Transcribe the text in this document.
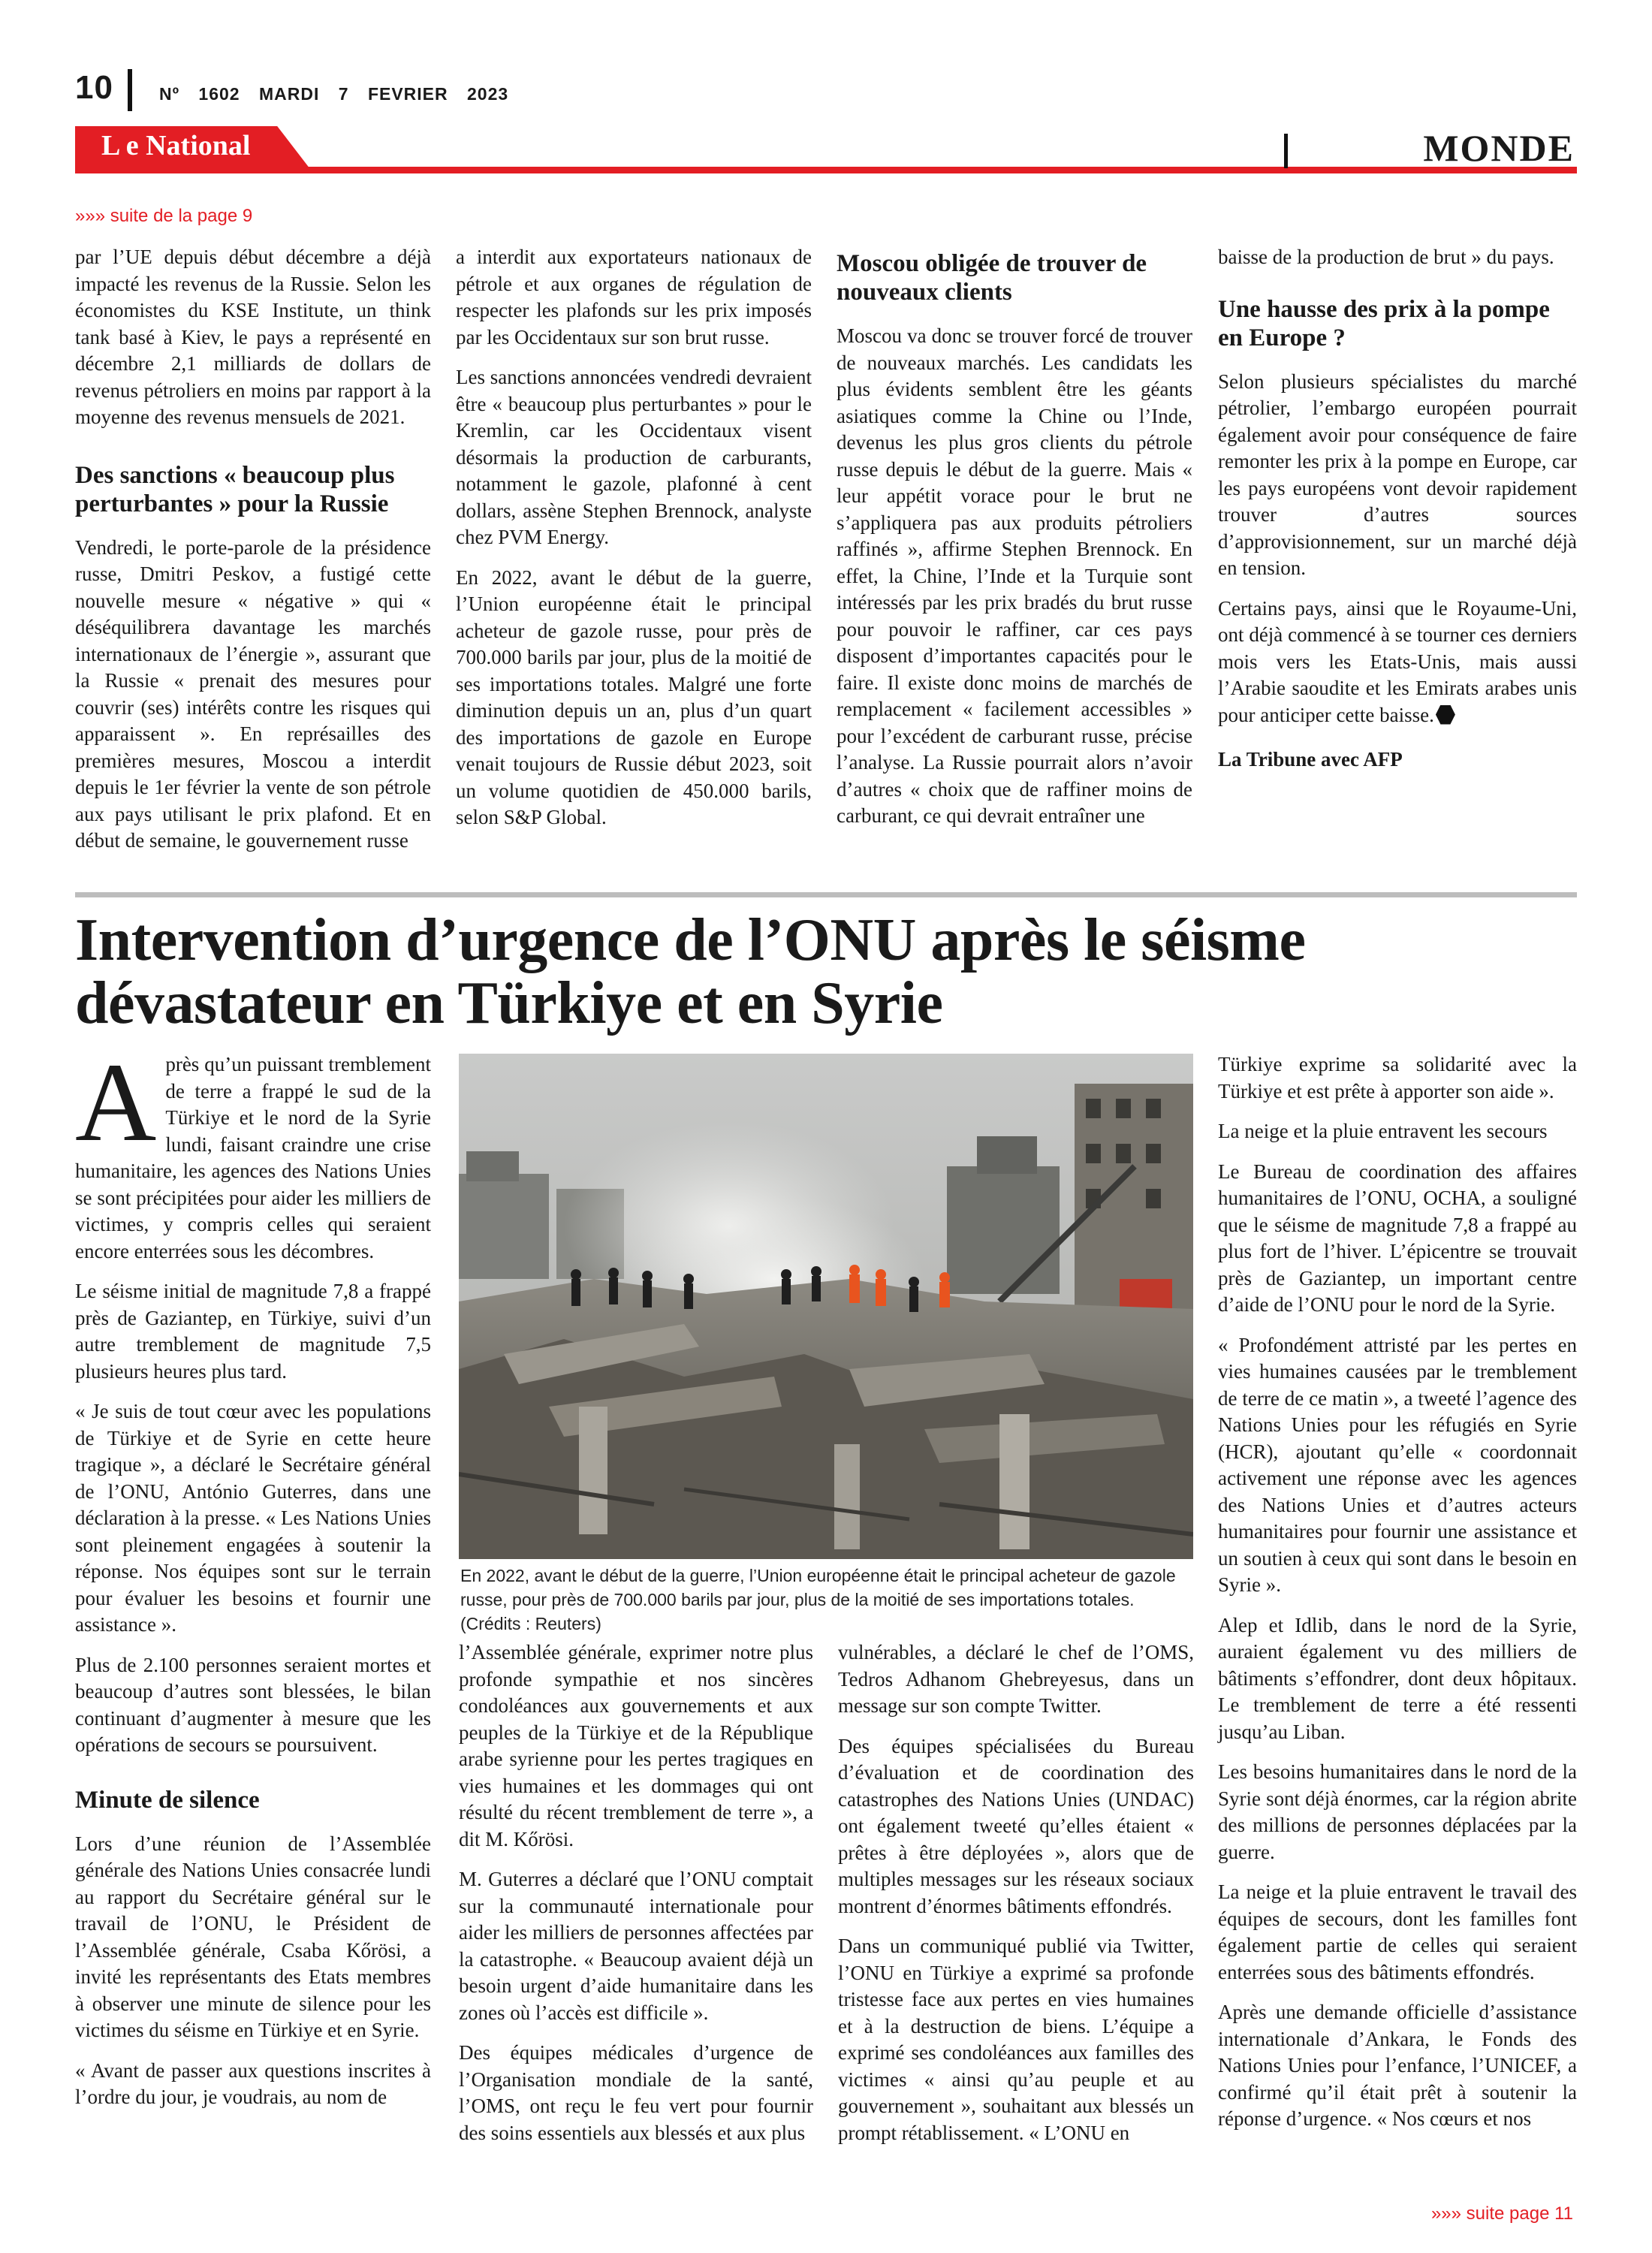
10	Nº 1602 MARDI 7 FEVRIER 2023
L e National	MONDE
»»» suite de la page 9

par l’UE depuis début décembre a déjà impacté les revenus de la Russie. Selon les économistes du KSE Institute, un think tank basé à Kiev, le pays a représenté en décembre 2,1 milliards de dollars de revenus pétroliers en moins par rapport à la moyenne des revenus mensuels de 2021.

Des sanctions « beaucoup plus perturbantes » pour la Russie

Vendredi, le porte-parole de la présidence russe, Dmitri Peskov, a fustigé cette nouvelle mesure « négative » qui « déséquilibrera davantage les marchés internationaux de l’énergie », assurant que la Russie « prenait des mesures pour couvrir (ses) intérêts contre les risques qui apparaissent ». En représailles des premières mesures, Moscou a interdit depuis le 1er février la vente de son pétrole aux pays utilisant le prix plafond. Et en début de semaine, le gouvernement russe

a interdit aux exportateurs nationaux de pétrole et aux organes de régulation de respecter les plafonds sur les prix imposés par les Occidentaux sur son brut russe.

Les sanctions annoncées vendredi devraient être « beaucoup plus perturbantes » pour le Kremlin, car les Occidentaux visent désormais la production de carburants, notamment le gazole, plafonné à cent dollars, assène Stephen Brennock, analyste chez PVM Energy.

En 2022, avant le début de la guerre, l’Union européenne était le principal acheteur de gazole russe, pour près de 700.000 barils par jour, plus de la moitié de ses importations totales. Malgré une forte diminution depuis un an, plus d’un quart des importations de gazole en Europe venait toujours de Russie début 2023, soit un volume quotidien de 450.000 barils, selon S&P Global.

Moscou obligée de trouver de nouveaux clients

Moscou va donc se trouver forcé de trouver de nouveaux marchés. Les candidats les plus évidents semblent être les géants asiatiques comme la Chine ou l’Inde, devenus les plus gros clients du pétrole russe depuis le début de la guerre. Mais « leur appétit vorace pour le brut ne s’appliquera pas aux produits pétroliers raffinés », affirme Stephen Brennock. En effet, la Chine, l’Inde et la Turquie sont intéressés par les prix bradés du brut russe pour pouvoir le raffiner, car ces pays disposent d’importantes capacités pour le faire. Il existe donc moins de marchés de remplacement « facilement accessibles » pour l’excédent de carburant russe, précise l’analyse. La Russie pourrait alors n’avoir d’autres « choix que de raffiner moins de carburant, ce qui devrait entraîner une

baisse de la production de brut » du pays.

Une hausse des prix à la pompe en Europe ?

Selon plusieurs spécialistes du marché pétrolier, l’embargo européen pourrait également avoir pour conséquence de faire remonter les prix à la pompe en Europe, car les pays européens vont devoir rapidement trouver d’autres sources d’approvisionnement, sur un marché déjà en tension.

Certains pays, ainsi que le Royaume-Uni, ont déjà commencé à se tourner ces derniers mois vers les Etats-Unis, mais aussi l’Arabie saoudite et les Emirats arabes unis pour anticiper cette baisse.

La Tribune avec AFP

Intervention d’urgence de l’ONU après le séisme
dévastateur en Türkiye et en Syrie

Après qu’un puissant tremblement de terre a frappé le sud de la Türkiye et le nord de la Syrie lundi, faisant craindre une crise humanitaire, les agences des Nations Unies se sont précipitées pour aider les milliers de victimes, y compris celles qui seraient encore enterrées sous les décombres.

Le séisme initial de magnitude 7,8 a frappé près de Gaziantep, en Türkiye, suivi d’un autre tremblement de magnitude 7,5 plusieurs heures plus tard.

« Je suis de tout cœur avec les populations de Türkiye et de Syrie en cette heure tragique », a déclaré le Secrétaire général de l’ONU, António Guterres, dans une déclaration à la presse. « Les Nations Unies sont pleinement engagées à soutenir la réponse. Nos équipes sont sur le terrain pour évaluer les besoins et fournir une assistance ».

Plus de 2.100 personnes seraient mortes et beaucoup d’autres sont blessées, le bilan continuant d’augmenter à mesure que les opérations de secours se poursuivent.

Minute de silence

Lors d’une réunion de l’Assemblée générale des Nations Unies consacrée lundi au rapport du Secrétaire général sur le travail de l’ONU, le Président de l’Assemblée générale, Csaba Kőrösi, a invité les représentants des Etats membres à observer une minute de silence pour les victimes du séisme en Türkiye et en Syrie.

« Avant de passer aux questions inscrites à l’ordre du jour, je voudrais, au nom de

En 2022, avant le début de la guerre, l’Union européenne était le principal acheteur de gazole russe, pour près de 700.000 barils par jour, plus de la moitié de ses importations totales. (Crédits : Reuters)

l’Assemblée générale, exprimer notre plus profonde sympathie et nos sincères condoléances aux gouvernements et aux peuples de la Türkiye et de la République arabe syrienne pour les pertes tragiques en vies humaines et les dommages qui ont résulté du récent tremblement de terre », a dit M. Kőrösi.

M. Guterres a déclaré que l’ONU comptait sur la communauté internationale pour aider les milliers de personnes affectées par la catastrophe. « Beaucoup avaient déjà un besoin urgent d’aide humanitaire dans les zones où l’accès est difficile ».

Des équipes médicales d’urgence de l’Organisation mondiale de la santé, l’OMS, ont reçu le feu vert pour fournir des soins essentiels aux blessés et aux plus

vulnérables, a déclaré le chef de l’OMS, Tedros Adhanom Ghebreyesus, dans un message sur son compte Twitter.

Des équipes spécialisées du Bureau d’évaluation et de coordination des catastrophes des Nations Unies (UNDAC) ont également tweeté qu’elles étaient « prêtes à être déployées », alors que de multiples messages sur les réseaux sociaux montrent d’énormes bâtiments effondrés.

Dans un communiqué publié via Twitter, l’ONU en Türkiye a exprimé sa profonde tristesse face aux pertes en vies humaines et à la destruction de biens. L’équipe a exprimé ses condoléances aux familles des victimes « ainsi qu’au peuple et au gouvernement », souhaitant aux blessés un prompt rétablissement. « L’ONU en

Türkiye exprime sa solidarité avec la Türkiye et est prête à apporter son aide ».

La neige et la pluie entravent les secours

Le Bureau de coordination des affaires humanitaires de l’ONU, OCHA, a souligné que le séisme de magnitude 7,8 a frappé au plus fort de l’hiver. L’épicentre se trouvait près de Gaziantep, un important centre d’aide de l’ONU pour le nord de la Syrie.

« Profondément attristé par les pertes en vies humaines causées par le tremblement de terre de ce matin », a tweeté l’agence des Nations Unies pour les réfugiés en Syrie (HCR), ajoutant qu’elle « coordonnait activement une réponse avec les agences des Nations Unies et d’autres acteurs humanitaires pour fournir une assistance et un soutien à ceux qui sont dans le besoin en Syrie ».

Alep et Idlib, dans le nord de la Syrie, auraient également vu des milliers de bâtiments s’effondrer, dont deux hôpitaux. Le tremblement de terre a été ressenti jusqu’au Liban.

Les besoins humanitaires dans le nord de la Syrie sont déjà énormes, car la région abrite des millions de personnes déplacées par la guerre.

La neige et la pluie entravent le travail des équipes de secours, dont les familles font également partie de celles qui seraient enterrées sous des bâtiments effondrés.

Après une demande officielle d’assistance internationale d’Ankara, le Fonds des Nations Unies pour l’enfance, l’UNICEF, a confirmé qu’il était prêt à soutenir la réponse d’urgence. « Nos cœurs et nos

»»» suite page 11
